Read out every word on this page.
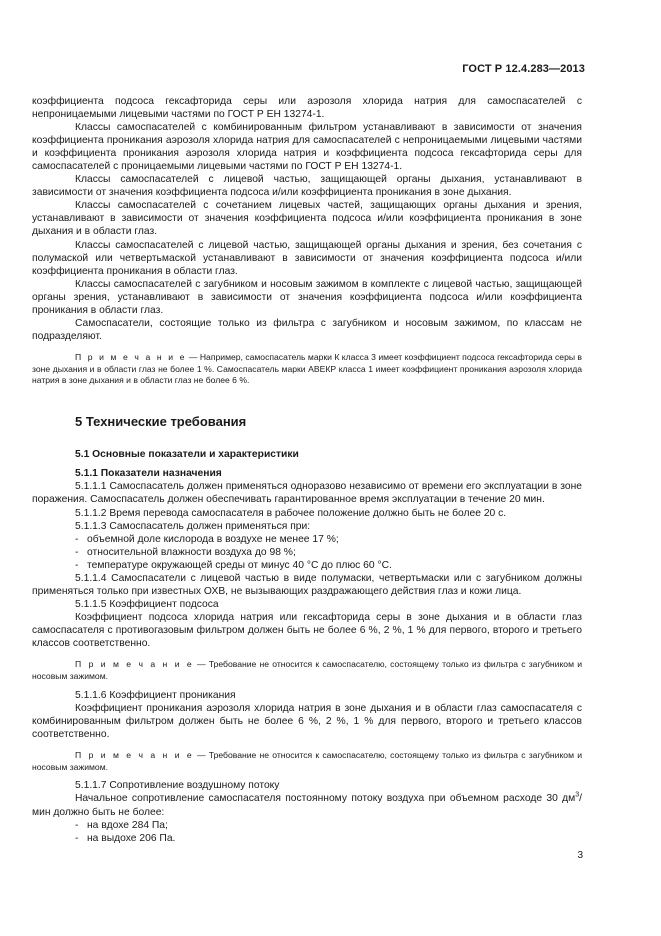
ГОСТ Р 12.4.283—2013
коэффициента подсоса гексафторида серы или аэрозоля хлорида натрия для самоспасателей с непроницаемыми лицевыми частями по ГОСТ Р ЕН 13274-1.
Классы самоспасателей с комбинированным фильтром устанавливают в зависимости от значения коэффициента проникания аэрозоля хлорида натрия для самоспасателей с непроницаемыми лицевыми частями и коэффициента проникания аэрозоля хлорида натрия и коэффициента подсоса гексафторида серы для самоспасателей с проницаемыми лицевыми частями по ГОСТ Р ЕН 13274-1.
Классы самоспасателей с лицевой частью, защищающей органы дыхания, устанавливают в зависимости от значения коэффициента подсоса и/или коэффициента проникания в зоне дыхания.
Классы самоспасателей с сочетанием лицевых частей, защищающих органы дыхания и зрения, устанавливают в зависимости от значения коэффициента подсоса и/или коэффициента проникания в зоне дыхания и в области глаз.
Классы самоспасателей с лицевой частью, защищающей органы дыхания и зрения, без сочетания с полумаской или четвертьмаской устанавливают в зависимости от значения коэффициента подсоса и/или коэффициента проникания в области глаз.
Классы самоспасателей с загубником и носовым зажимом в комплекте с лицевой частью, защищающей органы зрения, устанавливают в зависимости от значения коэффициента подсоса и/или коэффициента проникания в области глаз.
Самоспасатели, состоящие только из фильтра с загубником и носовым зажимом, по классам не подразделяют.
П р и м е ч а н и е — Например, самоспасатель марки К класса 3 имеет коэффициент подсоса гексафторида серы в зоне дыхания и в области глаз не более 1 %. Самоспасатель марки АВЕКР класса 1 имеет коэффициент проникания аэрозоля хлорида натрия в зоне дыхания и в области глаз не более 6 %.
5 Технические требования
5.1 Основные показатели и характеристики
5.1.1 Показатели назначения
5.1.1.1 Самоспасатель должен применяться одноразово независимо от времени его эксплуатации в зоне поражения. Самоспасатель должен обеспечивать гарантированное время эксплуатации в течение 20 мин.
5.1.1.2 Время перевода самоспасателя в рабочее положение должно быть не более 20 с.
5.1.1.3 Самоспасатель должен применяться при:
- объемной доле кислорода в воздухе не менее 17 %;
- относительной влажности воздуха до 98 %;
- температуре окружающей среды от минус 40 °С до плюс 60 °С.
5.1.1.4 Самоспасатели с лицевой частью в виде полумаски, четвертьмаски или с загубником должны применяться только при известных ОХВ, не вызывающих раздражающего действия глаз и кожи лица.
5.1.1.5 Коэффициент подсоса
Коэффициент подсоса хлорида натрия или гексафторида серы в зоне дыхания и в области глаз самоспасателя с противогазовым фильтром должен быть не более 6 %, 2 %, 1 % для первого, второго и третьего классов соответственно.
П р и м е ч а н и е — Требование не относится к самоспасателю, состоящему только из фильтра с загубником и носовым зажимом.
5.1.1.6 Коэффициент проникания
Коэффициент проникания аэрозоля хлорида натрия в зоне дыхания и в области глаз самоспасателя с комбинированным фильтром должен быть не более 6 %, 2 %, 1 % для первого, второго и третьего классов соответственно.
П р и м е ч а н и е — Требование не относится к самоспасателю, состоящему только из фильтра с загубником и носовым зажимом.
5.1.1.7 Сопротивление воздушному потоку
Начальное сопротивление самоспасателя постоянному потоку воздуха при объемном расходе 30 $дм^3$/мин должно быть не более:
- на вдохе 284 Па;
- на выдохе 206 Па.
3
